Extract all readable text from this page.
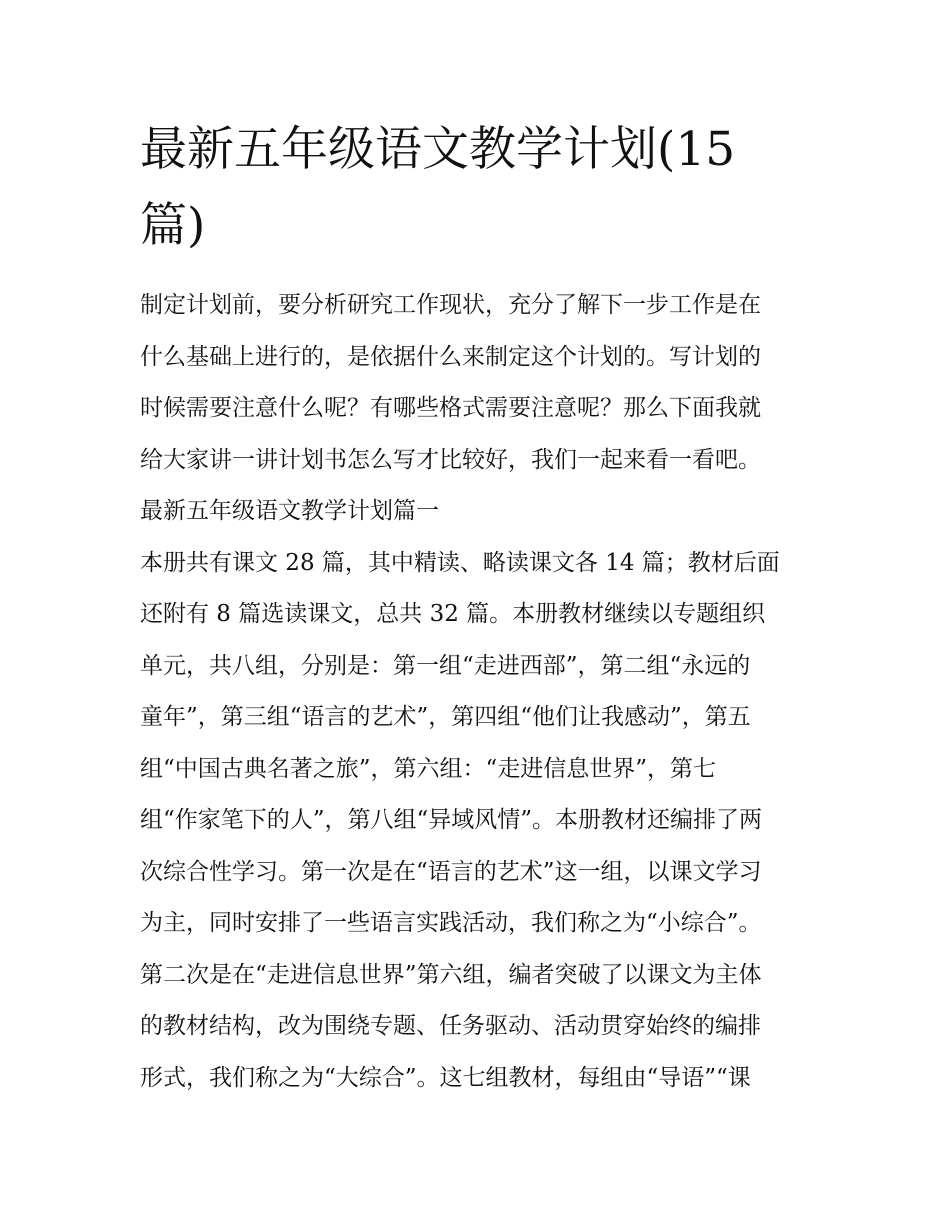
最新五年级语文教学计划(15
篇)
制定计划前，要分析研究工作现状，充分了解下一步工作是在
什么基础上进行的，是依据什么来制定这个计划的。写计划的
时候需要注意什么呢？有哪些格式需要注意呢？那么下面我就
给大家讲一讲计划书怎么写才比较好，我们一起来看一看吧。
最新五年级语文教学计划篇一
本册共有课文 28 篇，其中精读、略读课文各 14 篇；教材后面
还附有 8 篇选读课文，总共 32 篇。本册教材继续以专题组织
单元，共八组，分别是：第一组“走进西部”，第二组“永远的
童年”，第三组“语言的艺术”，第四组“他们让我感动”，第五
组“中国古典名著之旅”，第六组：“走进信息世界”，第七
组“作家笔下的人”，第八组“异域风情”。本册教材还编排了两
次综合性学习。第一次是在“语言的艺术”这一组，以课文学习
为主，同时安排了一些语言实践活动，我们称之为“小综合”。
第二次是在“走进信息世界”第六组，编者突破了以课文为主体
的教材结构，改为围绕专题、任务驱动、活动贯穿始终的编排
形式，我们称之为“大综合”。这七组教材，每组由“导语”“课
